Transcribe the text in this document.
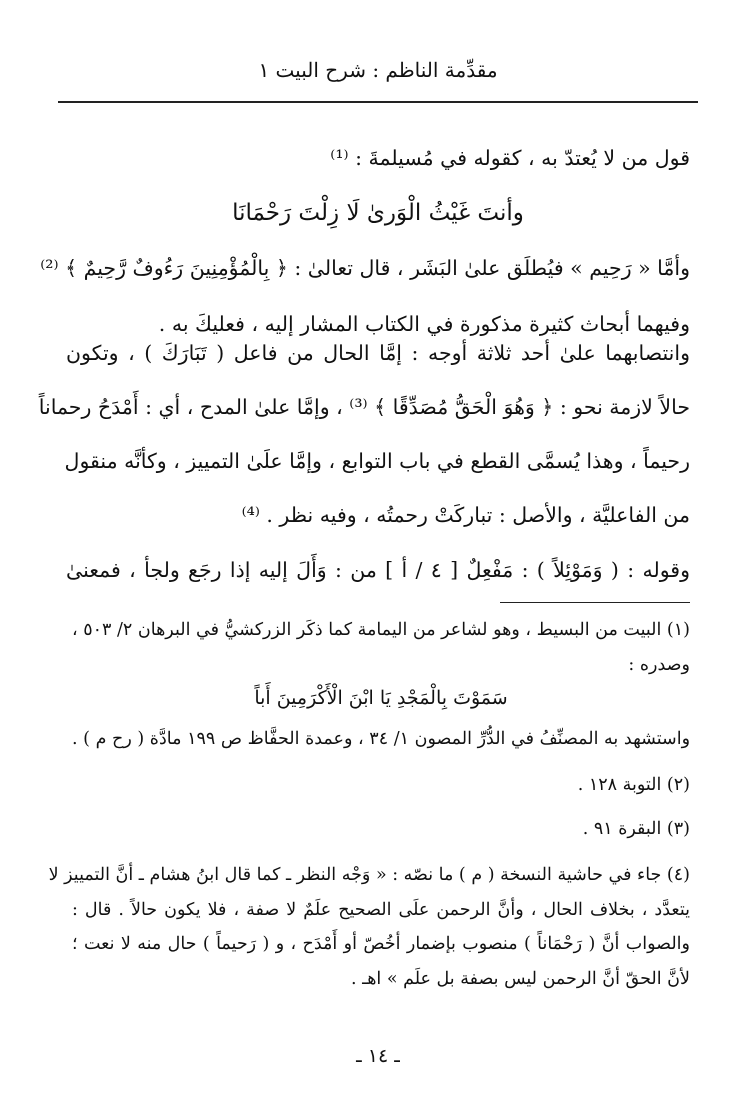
مقدِّمة الناظم : شرح البيت ١
قول من لا يُعتدّ به ، كقوله في مُسيلمةَ : ⁽¹⁾
وأنتَ غَيْثُ الْوَرىٰ لَا زِلْتَ رَحْمَانَا
وأمَّا « رَحِيم » فيُطلَق علىٰ البَشَر ، قال تعالىٰ : ﴿ بِالْمُؤْمِنِينَ رَءُوفٌ رَّحِيمٌ ﴾ ⁽²⁾
وفيهما أبحاث كثيرة مذكورة في الكتاب المشار إليه ، فعليكَ به .
وانتصابهما علىٰ أحد ثلاثة أوجه : إمَّا الحال من فاعل ( تَبَارَكَ ) ، وتكون
حالاً لازمة نحو : ﴿ وَهُوَ الْحَقُّ مُصَدِّقًا ﴾ ⁽³⁾ ، وإمَّا علىٰ المدح ، أي : أَمْدَحُ رحماناً
رحيماً ، وهذا يُسمَّى القطع في باب التوابع ، وإمَّا علَىٰ التمييز ، وكأنَّه منقول
من الفاعليَّة ، والأصل : تباركَتْ رحمتُه ، وفيه نظر . ⁽⁴⁾
وقوله : ( وَمَوْئِلاً ) : مَفْعِلٌ [ ٤ / أ ] من : وَأَلَ إليه إذا رجَع ولجأ ، فمعنىٰ
(١) البيت من البسيط ، وهو لشاعر من اليمامة كما ذكَر الزركشيُّ في البرهان ٢/ ٥٠٣ ،
وصدره :
سَمَوْتَ بِالْمَجْدِ يَا ابْنَ الْأَكْرَمِينَ أَباً
واستشهد به المصنِّفُ في الدُّرِّ المصون ١/ ٣٤ ، وعمدة الحفَّاظ ص ١٩٩ مادَّة ( رح م ) .
(٢) التوبة ١٢٨ .
(٣) البقرة ٩١ .
(٤) جاء في حاشية النسخة ( م ) ما نصّه : « وَجْه النظر ـ كما قال ابنُ هشام ـ أنَّ التمييز لا
يتعدَّد ، بخلاف الحال ، وأنَّ الرحمن علَى الصحيح علَمٌ لا صفة ، فلا يكون حالاً . قال :
والصواب أنَّ ( رَحْمَاناً ) منصوب بإضمار أخُصّ أو أَمْدَح ، و ( رَحيماً ) حال منه لا نعت ؛
لأنَّ الحقّ أنَّ الرحمن ليس بصفة بل علَم » اهـ .
ـ ١٤ ـ
